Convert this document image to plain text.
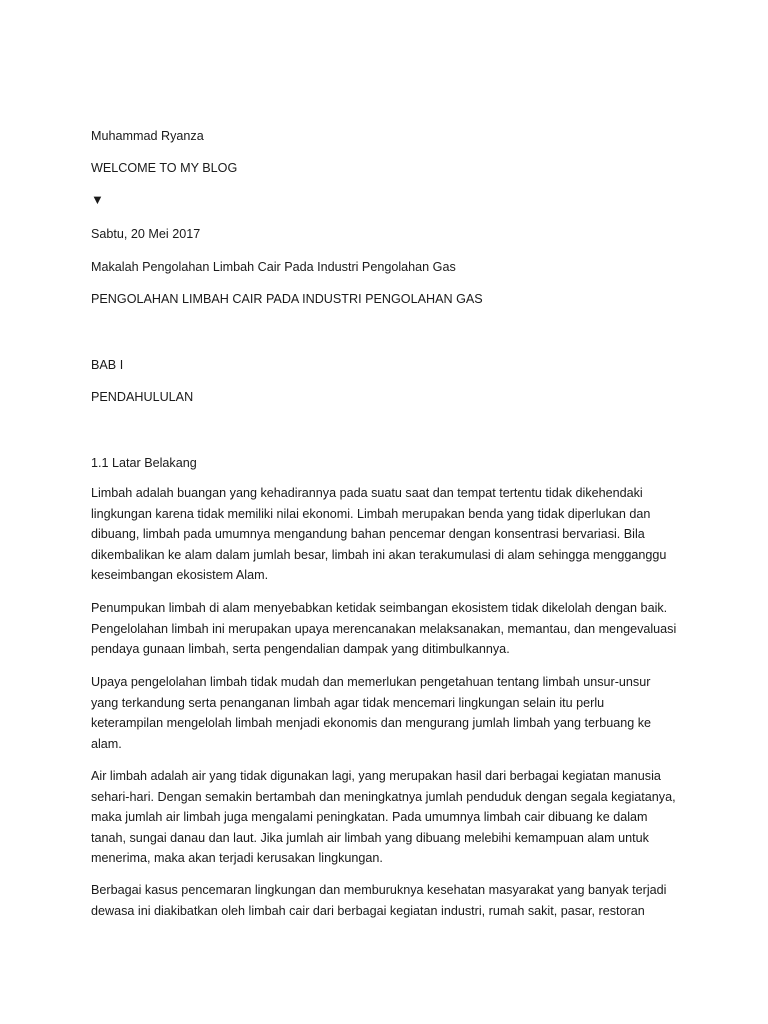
Muhammad Ryanza

WELCOME TO MY BLOG

▼

Sabtu, 20 Mei 2017

Makalah Pengolahan Limbah Cair Pada Industri Pengolahan Gas

PENGOLAHAN LIMBAH CAIR PADA INDUSTRI PENGOLAHAN GAS

BAB I

PENDAHULULAN

1.1 Latar Belakang

Limbah adalah buangan yang kehadirannya pada suatu saat dan tempat tertentu tidak dikehendaki

lingkungan karena tidak memiliki nilai ekonomi. Limbah merupakan benda yang tidak diperlukan dan

dibuang, limbah pada umumnya mengandung bahan pencemar dengan konsentrasi bervariasi. Bila

dikembalikan ke alam dalam jumlah besar, limbah ini akan terakumulasi di alam sehingga mengganggu

keseimbangan ekosistem Alam.

Penumpukan limbah di alam menyebabkan ketidak seimbangan ekosistem tidak dikelolah dengan baik.

Pengelolahan limbah ini merupakan upaya merencanakan melaksanakan, memantau, dan mengevaluasi

pendaya gunaan limbah, serta pengendalian dampak yang ditimbulkannya.

Upaya pengelolahan limbah tidak mudah dan memerlukan pengetahuan tentang limbah unsur-unsur

yang terkandung serta penanganan limbah agar tidak mencemari lingkungan selain itu perlu

keterampilan mengelolah limbah menjadi ekonomis dan mengurang jumlah limbah yang terbuang ke

alam.

Air limbah adalah air yang tidak digunakan lagi, yang merupakan hasil dari berbagai kegiatan manusia

sehari-hari. Dengan semakin bertambah dan meningkatnya jumlah penduduk dengan segala kegiatanya,

maka jumlah air limbah juga mengalami peningkatan. Pada umumnya limbah cair dibuang ke dalam

tanah, sungai danau dan laut. Jika jumlah air limbah yang dibuang melebihi kemampuan alam untuk

menerima, maka akan terjadi kerusakan lingkungan.

Berbagai kasus pencemaran lingkungan dan memburuknya kesehatan masyarakat yang banyak terjadi

dewasa ini diakibatkan oleh limbah cair dari berbagai kegiatan industri, rumah sakit, pasar, restoran
